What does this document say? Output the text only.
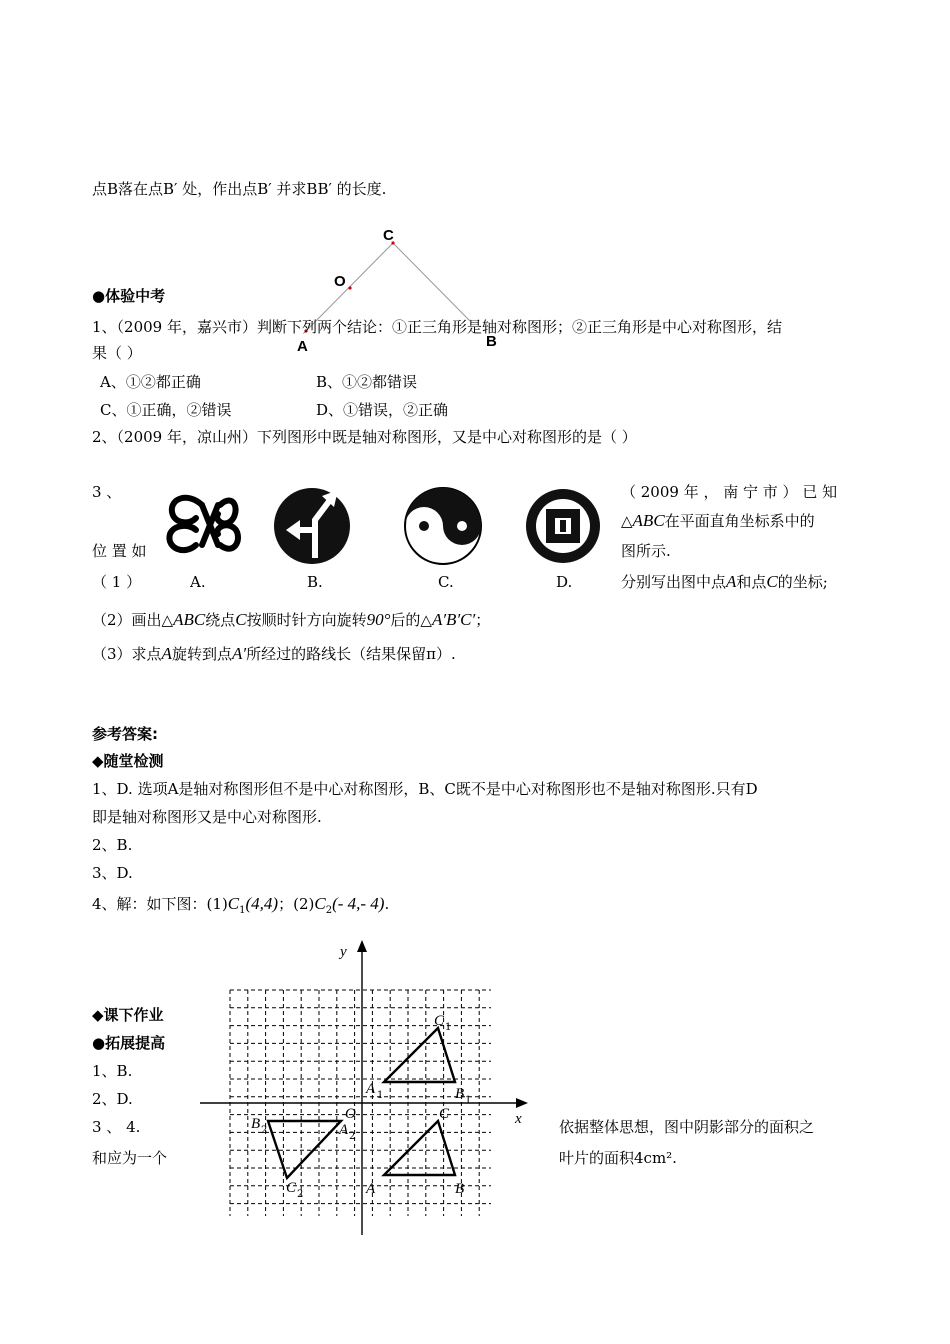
点B落在点B′ 处，作出点B′ 并求BB′ 的长度.
C
O
A	B
●体验中考
1、（2009 年，嘉兴市）判断下列两个结论：①正三角形是轴对称图形；②正三角形是中心对称图形，结
果（ ）
A、①②都正确	B、①②都错误
C、①正确，②错误	D、①错误，②正确
2、（2009 年，凉山州）下列图形中既是轴对称图形，又是中心对称图形的是（ ）
3 、	（ 2009 年 ， 南 宁 市 ） 已 知
△ABC在平面直角坐标系中的
位 置 如	图所示.
（ 1 ）	分别写出图中点A和点C的坐标;
A.	B.	C.	D.
（2）画出△ABC绕点C按顺时针方向旋转90°后的△A′B′C′；
（3）求点A旋转到点A′所经过的路线长（结果保留π）.
参考答案:
◆随堂检测
1、D. 选项A是轴对称图形但不是中心对称图形，B、C既不是中心对称图形也不是轴对称图形.只有D
即是轴对称图形又是中心对称图形.
2、B.
3、D.
4、解：如下图：$(1)C_1(4,4)$；$(2)C_2(-$ 4,- 4).
◆课下作业
●拓展提高
1、B.
2、D.
3 、 4.	依据整体思想，图中阴影部分的面积之
和应为一个	叶片的面积4cm².
x
y
O
A	B
C
A 1	B 1
C 1
A 2
B 2
C 2
